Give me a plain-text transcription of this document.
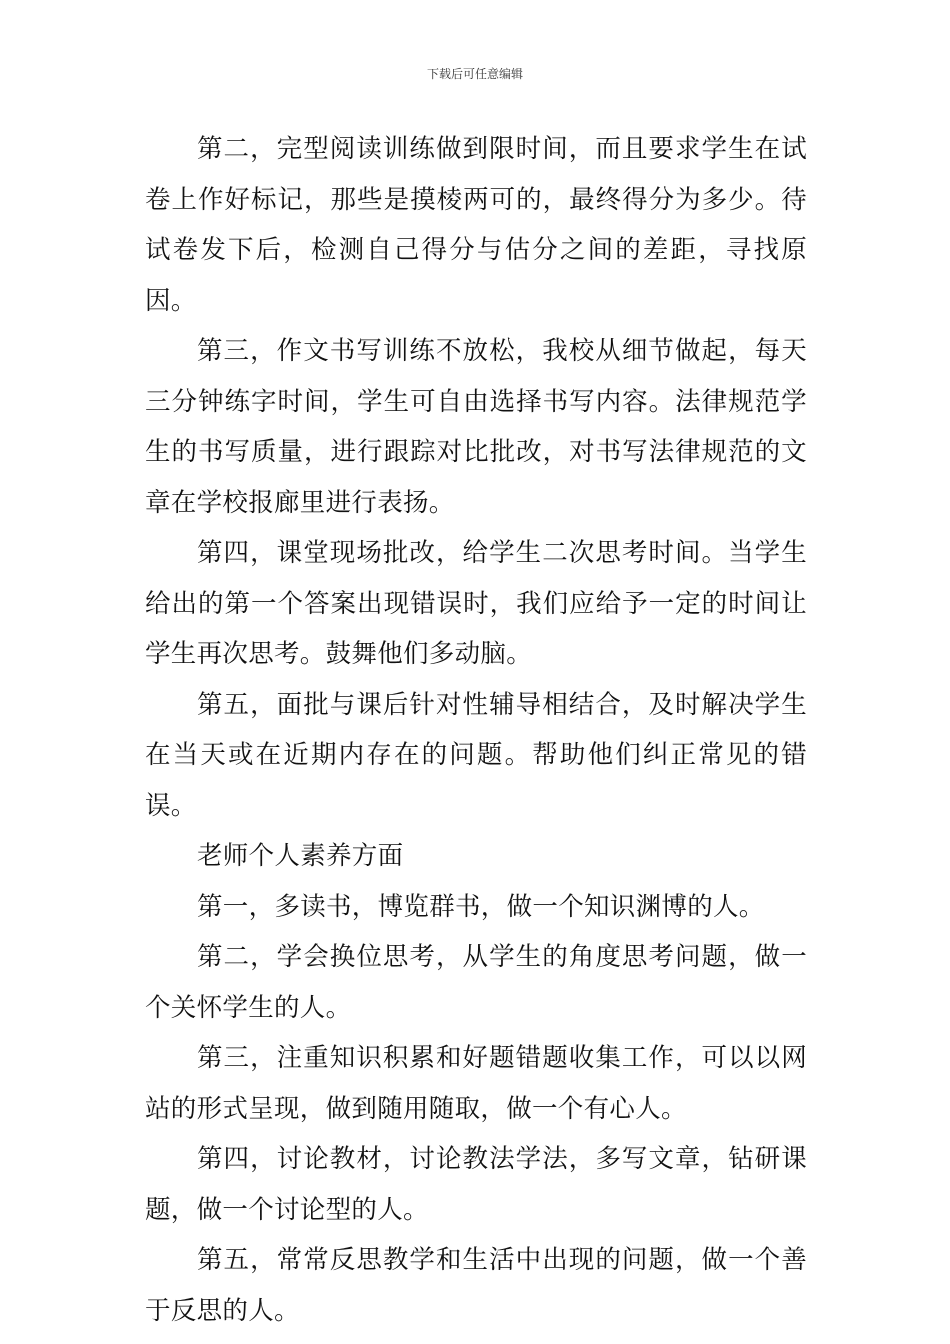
下载后可任意编辑

第二，完型阅读训练做到限时间，而且要求学生在试卷上作好标记，那些是摸棱两可的，最终得分为多少。待试卷发下后，检测自己得分与估分之间的差距，寻找原因。

第三，作文书写训练不放松，我校从细节做起，每天三分钟练字时间，学生可自由选择书写内容。法律规范学生的书写质量，进行跟踪对比批改，对书写法律规范的文章在学校报廊里进行表扬。

第四，课堂现场批改，给学生二次思考时间。当学生给出的第一个答案出现错误时，我们应给予一定的时间让学生再次思考。鼓舞他们多动脑。

第五，面批与课后针对性辅导相结合，及时解决学生在当天或在近期内存在的问题。帮助他们纠正常见的错误。

老师个人素养方面

第一，多读书，博览群书，做一个知识渊博的人。

第二，学会换位思考，从学生的角度思考问题，做一个关怀学生的人。

第三，注重知识积累和好题错题收集工作，可以以网站的形式呈现，做到随用随取，做一个有心人。

第四，讨论教材，讨论教法学法，多写文章，钻研课题，做一个讨论型的人。

第五，常常反思教学和生活中出现的问题，做一个善于反思的人。
